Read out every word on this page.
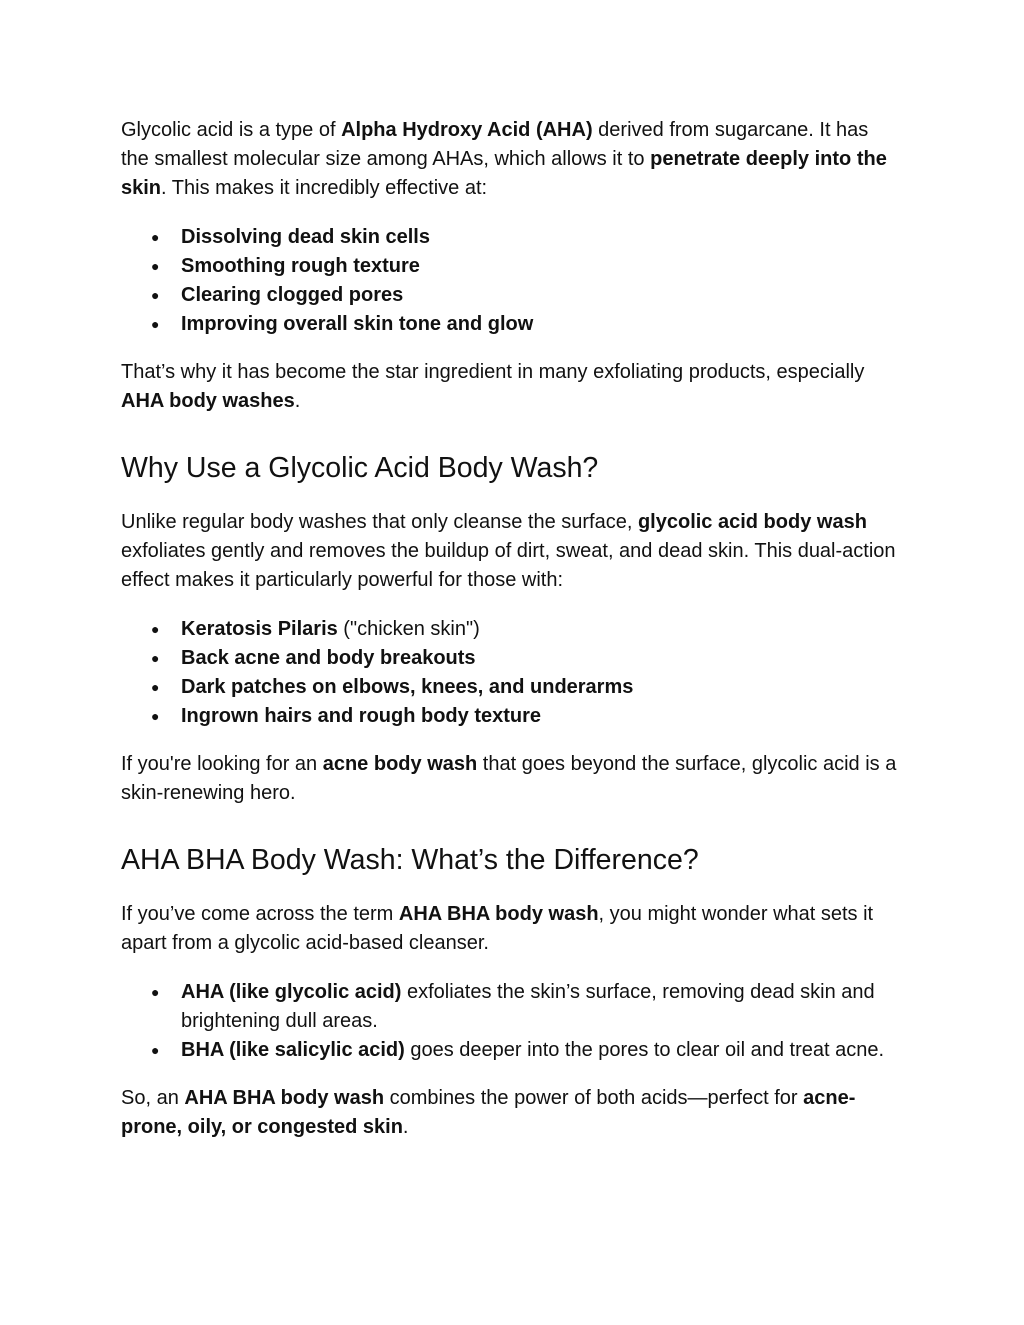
Glycolic acid is a type of Alpha Hydroxy Acid (AHA) derived from sugarcane. It has the smallest molecular size among AHAs, which allows it to penetrate deeply into the skin. This makes it incredibly effective at:

● Dissolving dead skin cells
● Smoothing rough texture
● Clearing clogged pores
● Improving overall skin tone and glow

That’s why it has become the star ingredient in many exfoliating products, especially AHA body washes.

Why Use a Glycolic Acid Body Wash?

Unlike regular body washes that only cleanse the surface, glycolic acid body wash exfoliates gently and removes the buildup of dirt, sweat, and dead skin. This dual-action effect makes it particularly powerful for those with:

● Keratosis Pilaris ("chicken skin")
● Back acne and body breakouts
● Dark patches on elbows, knees, and underarms
● Ingrown hairs and rough body texture

If you're looking for an acne body wash that goes beyond the surface, glycolic acid is a skin-renewing hero.

AHA BHA Body Wash: What’s the Difference?

If you’ve come across the term AHA BHA body wash, you might wonder what sets it apart from a glycolic acid-based cleanser.

● AHA (like glycolic acid) exfoliates the skin’s surface, removing dead skin and brightening dull areas.
● BHA (like salicylic acid) goes deeper into the pores to clear oil and treat acne.

So, an AHA BHA body wash combines the power of both acids—perfect for acne-prone, oily, or congested skin.
